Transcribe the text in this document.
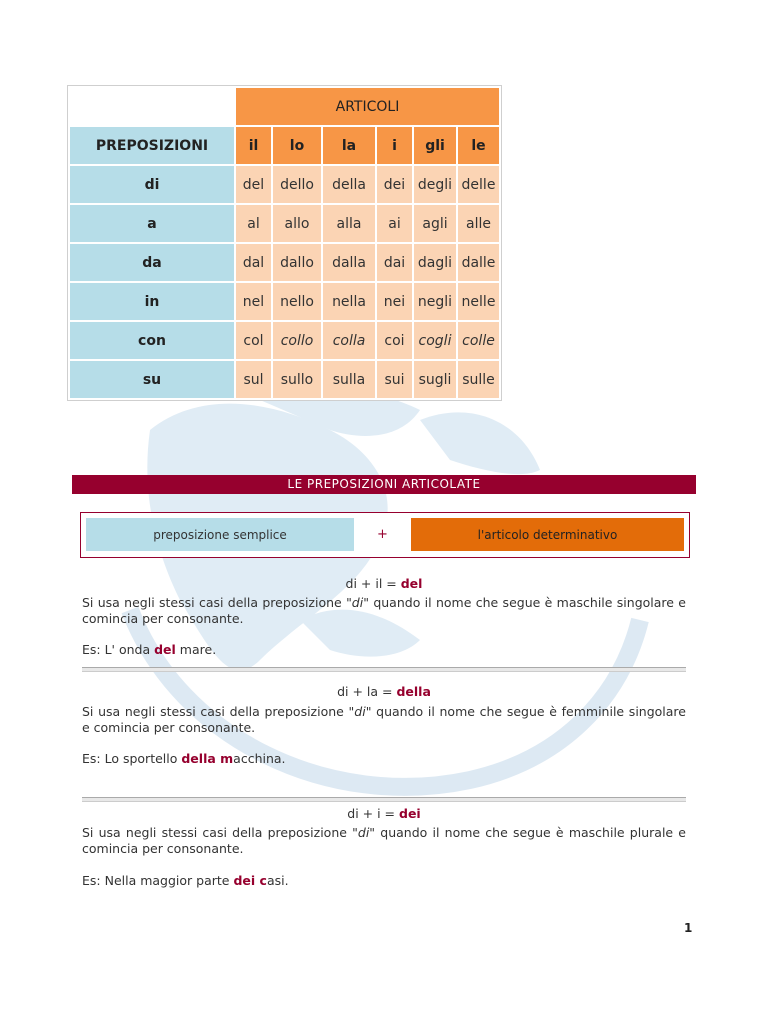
	ARTICOLI					
PREPOSIZIONI	il	lo	la	i	gli	le
di	del	dello	della	dei	degli	delle
a	al	allo	alla	ai	agli	alle
da	dal	dallo	dalla	dai	dagli	dalle
in	nel	nello	nella	nei	negli	nelle
con	col	collo	colla	coi	cogli	colle
su	sul	sullo	sulla	sui	sugli	sulle
LE PREPOSIZIONI ARTICOLATE
preposizione semplice	+	l'articolo determinativo
di + il = del
Si usa negli stessi casi della preposizione "di" quando il nome che segue è maschile singolare e comincia per consonante.
Es: L' onda del mare.
di + la = della
Si usa negli stessi casi della preposizione "di" quando il nome che segue è femminile singolare e comincia per consonante.
Es: Lo sportello della macchina.
di + i = dei
Si usa negli stessi casi della preposizione "di" quando il nome che segue è maschile plurale e comincia per consonante.
Es: Nella maggior parte dei casi.
1
